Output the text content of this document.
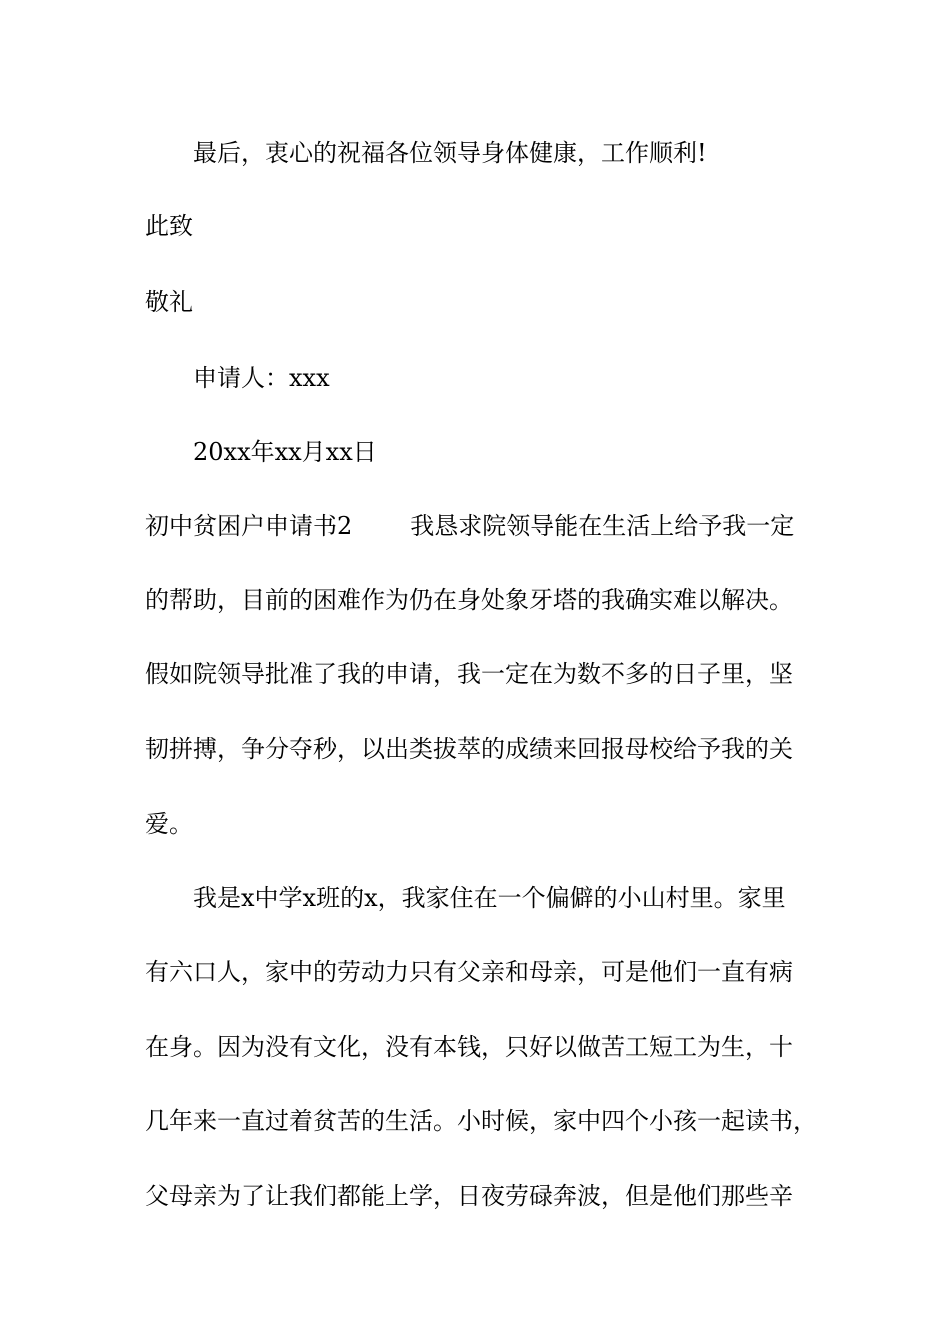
最后，衷心的祝福各位领导身体健康，工作顺利!
此致
敬礼
申请人：xxx
20xx年xx月xx日
初中贫困户申请书2 我恳求院领导能在生活上给予我一定
的帮助，目前的困难作为仍在身处象牙塔的我确实难以解决。
假如院领导批准了我的申请，我一定在为数不多的日子里，坚
韧拼搏，争分夺秒，以出类拔萃的成绩来回报母校给予我的关
爱。
我是x中学x班的x，我家住在一个偏僻的小山村里。家里
有六口人，家中的劳动力只有父亲和母亲，可是他们一直有病
在身。因为没有文化，没有本钱，只好以做苦工短工为生，十
几年来一直过着贫苦的生活。小时候，家中四个小孩一起读书，
父母亲为了让我们都能上学，日夜劳碌奔波，但是他们那些辛
